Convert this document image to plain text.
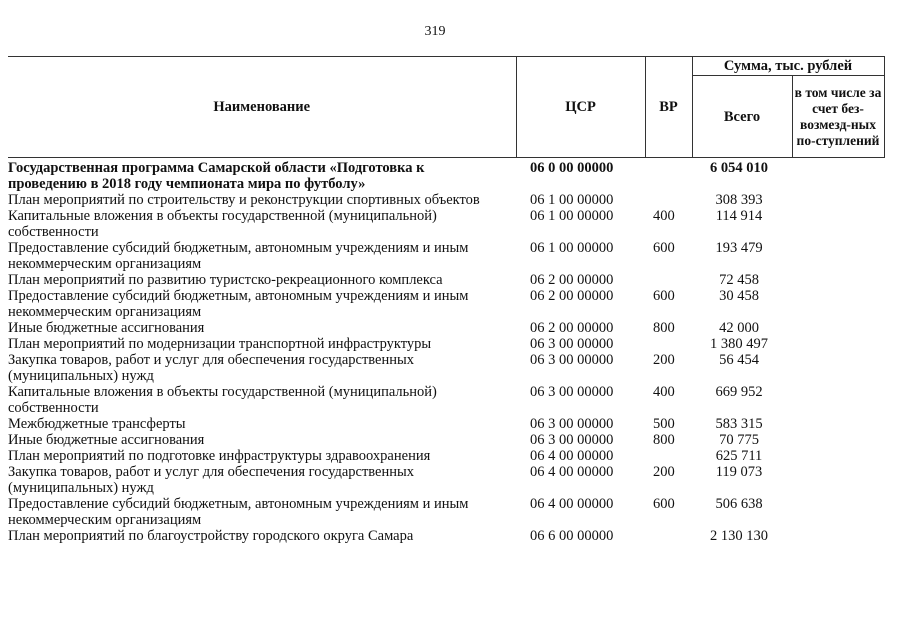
319
Наименование	ЦСР	ВР	Сумма, тыс. рублей	
			Всего	в том числе за счет без-возмезд-ных по-ступлений
Государственная программа Самарской области «Подготовка к проведению в 2018 году чемпионата мира по футболу»	06 0 00 00000		6 054 010	
План мероприятий по строительству и реконструкции спортивных объектов	06 1 00 00000		308 393	
Капитальные вложения в объекты государственной (муниципальной) собственности	06 1 00 00000	400	114 914	
Предоставление субсидий бюджетным, автономным учреждениям и иным некоммерческим организациям	06 1 00 00000	600	193 479	
План мероприятий по развитию туристско-рекреационного комплекса	06 2 00 00000		72 458	
Предоставление субсидий бюджетным, автономным учреждениям и иным некоммерческим организациям	06 2 00 00000	600	30 458	
Иные бюджетные ассигнования	06 2 00 00000	800	42 000	
План мероприятий по модернизации транспортной инфраструктуры	06 3 00 00000		1 380 497	
Закупка товаров, работ и услуг для обеспечения государственных (муниципальных) нужд	06 3 00 00000	200	56 454	
Капитальные вложения в объекты государственной (муниципальной) собственности	06 3 00 00000	400	669 952	
Межбюджетные трансферты	06 3 00 00000	500	583 315	
Иные бюджетные ассигнования	06 3 00 00000	800	70 775	
План мероприятий по подготовке инфраструктуры здравоохранения	06 4 00 00000		625 711	
Закупка товаров, работ и услуг для обеспечения государственных (муниципальных) нужд	06 4 00 00000	200	119 073	
Предоставление субсидий бюджетным, автономным учреждениям и иным некоммерческим организациям	06 4 00 00000	600	506 638	
План мероприятий по благоустройству городского округа Самара	06 6 00 00000		2 130 130	
